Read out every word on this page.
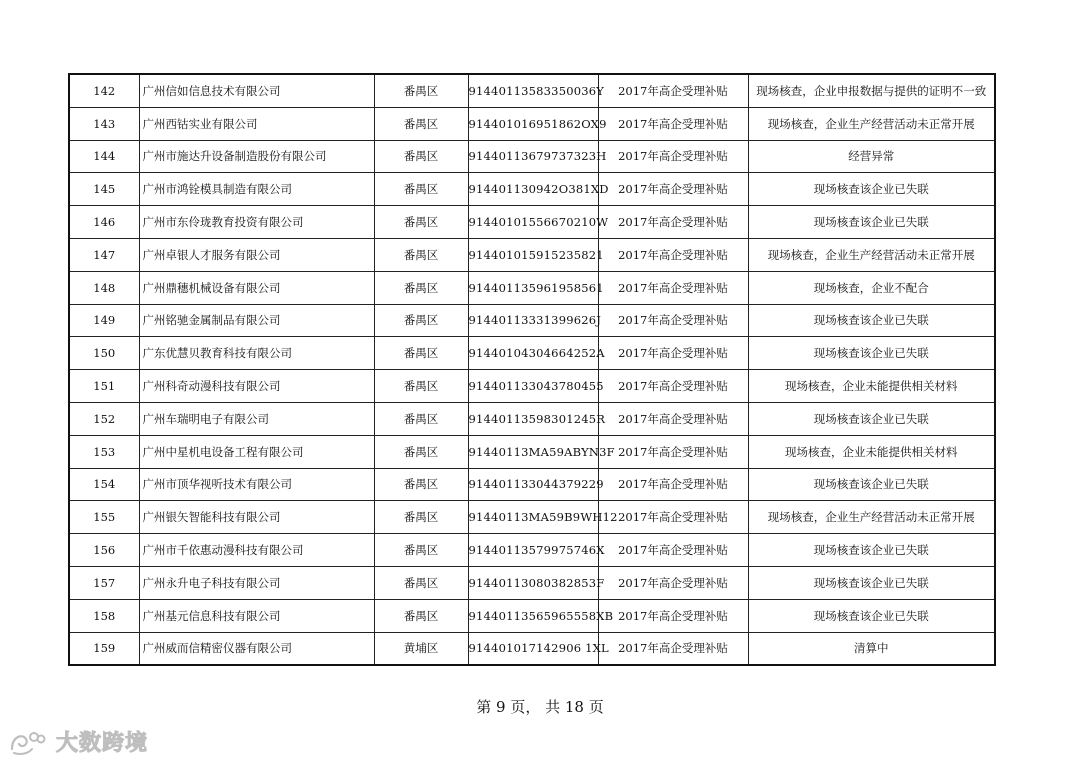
142	广州信如信息技术有限公司	番禺区	91440113583350036Y	2017年高企受理补贴	现场核查，企业申报数据与提供的证明不一致
143	广州西钴实业有限公司	番禺区	914401016951862OX9	2017年高企受理补贴	现场核查，企业生产经营活动未正常开展
144	广州市施达升设备制造股份有限公司	番禺区	91440113679737323H	2017年高企受理补贴	经营异常
145	广州市鸿铨模具制造有限公司	番禺区	914401130942O381XD	2017年高企受理补贴	现场核查该企业已失联
146	广州市东伶珑教育投资有限公司	番禺区	91440101556670210W	2017年高企受理补贴	现场核查该企业已失联
147	广州卓银人才服务有限公司	番禺区	914401015915235821	2017年高企受理补贴	现场核查，企业生产经营活动未正常开展
148	广州鼎穗机械设备有限公司	番禺区	914401135961958561	2017年高企受理补贴	现场核查，企业不配合
149	广州铭驰金属制品有限公司	番禺区	91440113331399626J	2017年高企受理补贴	现场核查该企业已失联
150	广东优慧贝教育科技有限公司	番禺区	91440104304664252A	2017年高企受理补贴	现场核查该企业已失联
151	广州科奇动漫科技有限公司	番禺区	914401133043780455	2017年高企受理补贴	现场核查，企业未能提供相关材料
152	广州车瑞明电子有限公司	番禺区	91440113598301245R	2017年高企受理补贴	现场核查该企业已失联
153	广州中星机电设备工程有限公司	番禺区	91440113MA59ABYN3F	2017年高企受理补贴	现场核查，企业未能提供相关材料
154	广州市顶华视听技术有限公司	番禺区	914401133044379229	2017年高企受理补贴	现场核查该企业已失联
155	广州银矢智能科技有限公司	番禺区	91440113MA59B9WH12	2017年高企受理补贴	现场核查，企业生产经营活动未正常开展
156	广州市千依惠动漫科技有限公司	番禺区	91440113579975746X	2017年高企受理补贴	现场核查该企业已失联
157	广州永升电子科技有限公司	番禺区	91440113080382853F	2017年高企受理补贴	现场核查该企业已失联
158	广州基元信息科技有限公司	番禺区	91440113565965558XB	2017年高企受理补贴	现场核查该企业已失联
159	广州威而信精密仪器有限公司	黄埔区	914401017142906 1XL	2017年高企受理补贴	清算中
第 9 页， 共 18 页
大数跨境
